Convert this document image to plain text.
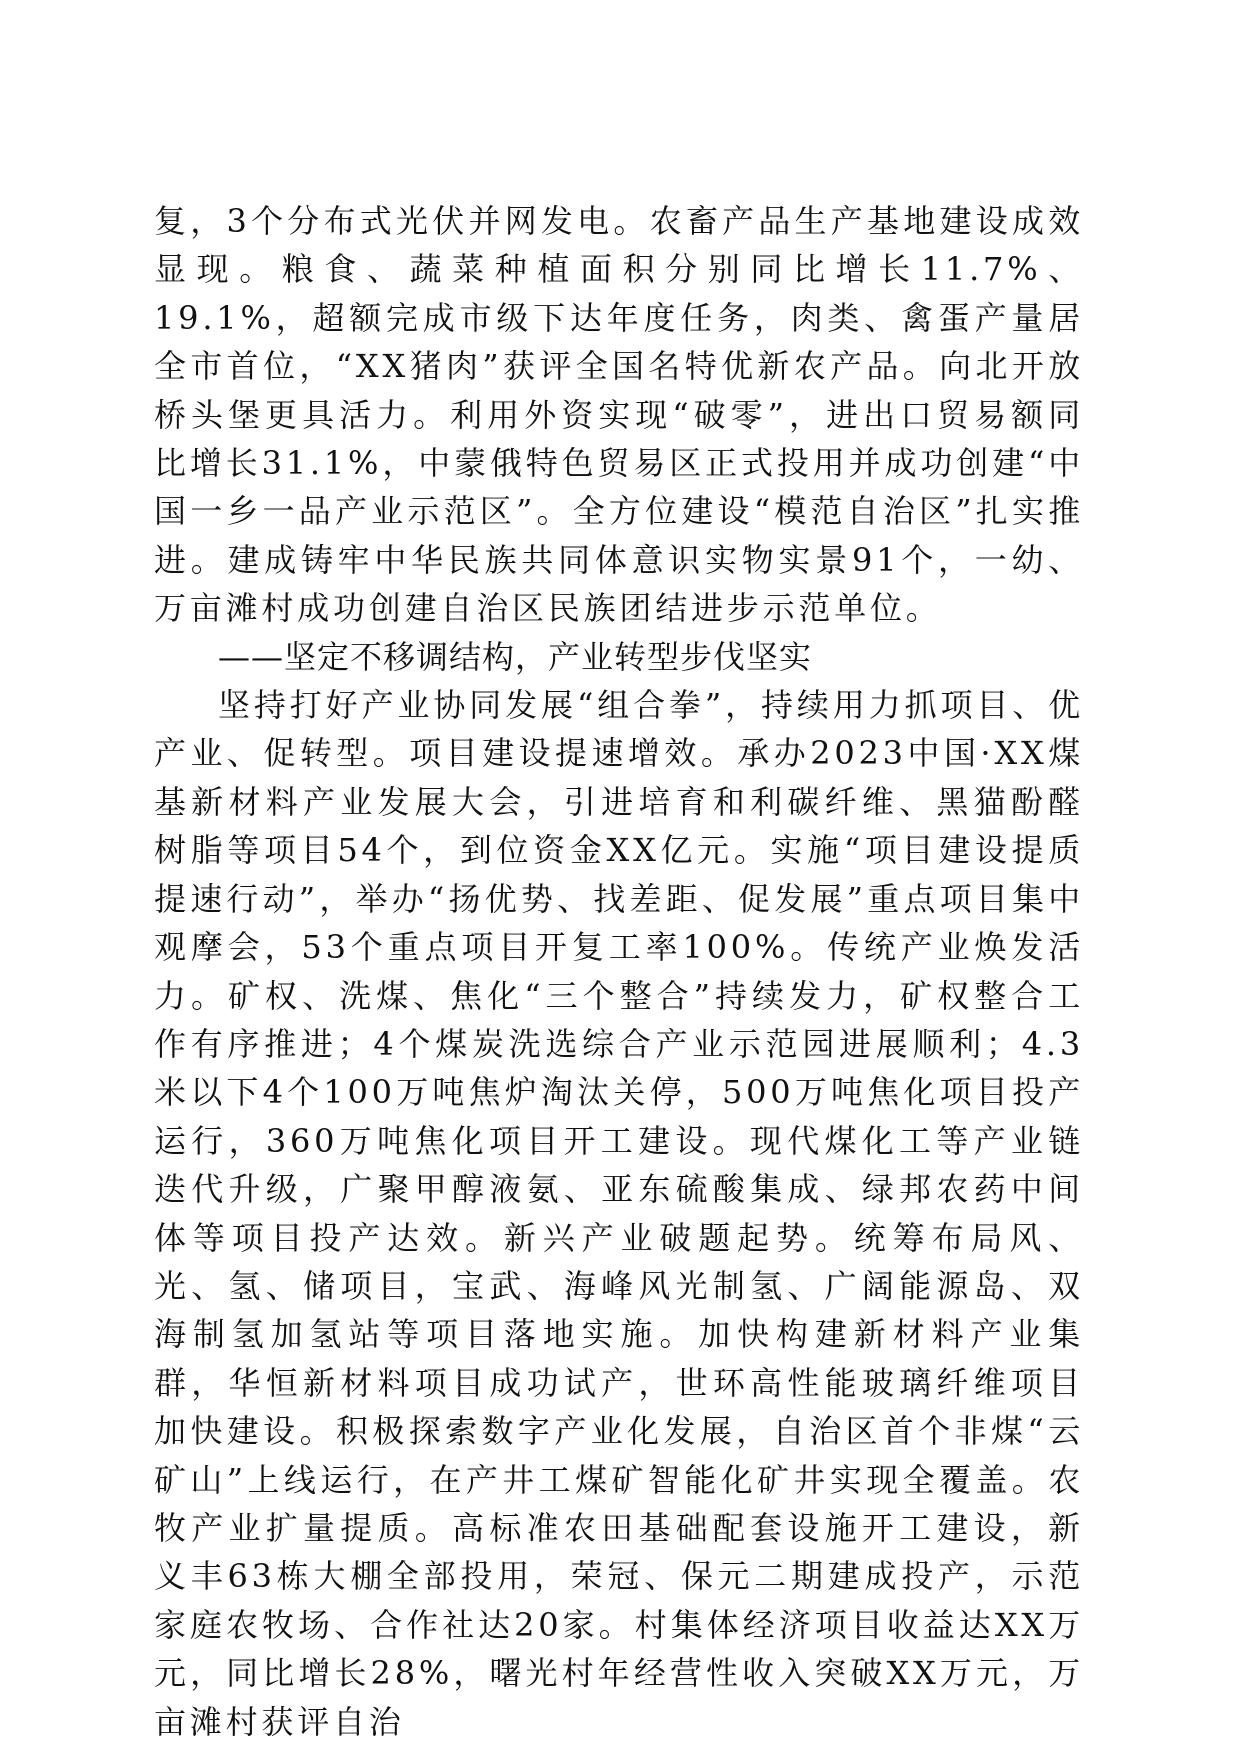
复，3个分布式光伏并网发电。农畜产品生产基地建设成效显现。粮食、蔬菜种植面积分别同比增长11.7%、19.1%，超额完成市级下达年度任务，肉类、禽蛋产量居全市首位，“XX猪肉”获评全国名特优新农产品。向北开放桥头堡更具活力。利用外资实现“破零”，进出口贸易额同比增长31.1%，中蒙俄特色贸易区正式投用并成功创建“中国一乡一品产业示范区”。全方位建设“模范自治区”扎实推进。建成铸牢中华民族共同体意识实物实景91个，一幼、万亩滩村成功创建自治区民族团结进步示范单位。

——坚定不移调结构，产业转型步伐坚实

坚持打好产业协同发展“组合拳”，持续用力抓项目、优产业、促转型。项目建设提速增效。承办2023中国·XX煤基新材料产业发展大会，引进培育和利碳纤维、黑猫酚醛树脂等项目54个，到位资金XX亿元。实施“项目建设提质提速行动”，举办“扬优势、找差距、促发展”重点项目集中观摩会，53个重点项目开复工率100%。传统产业焕发活力。矿权、洗煤、焦化“三个整合”持续发力，矿权整合工作有序推进；4个煤炭洗选综合产业示范园进展顺利；4.3米以下4个100万吨焦炉淘汰关停，500万吨焦化项目投产运行，360万吨焦化项目开工建设。现代煤化工等产业链迭代升级，广聚甲醇液氨、亚东硫酸集成、绿邦农药中间体等项目投产达效。新兴产业破题起势。统筹布局风、光、氢、储项目，宝武、海峰风光制氢、广阔能源岛、双海制氢加氢站等项目落地实施。加快构建新材料产业集群，华恒新材料项目成功试产，世环高性能玻璃纤维项目加快建设。积极探索数字产业化发展，自治区首个非煤“云矿山”上线运行，在产井工煤矿智能化矿井实现全覆盖。农牧产业扩量提质。高标准农田基础配套设施开工建设，新义丰63栋大棚全部投用，荣冠、保元二期建成投产，示范家庭农牧场、合作社达20家。村集体经济项目收益达XX万元，同比增长28%，曙光村年经营性收入突破XX万元，万亩滩村获评自治
